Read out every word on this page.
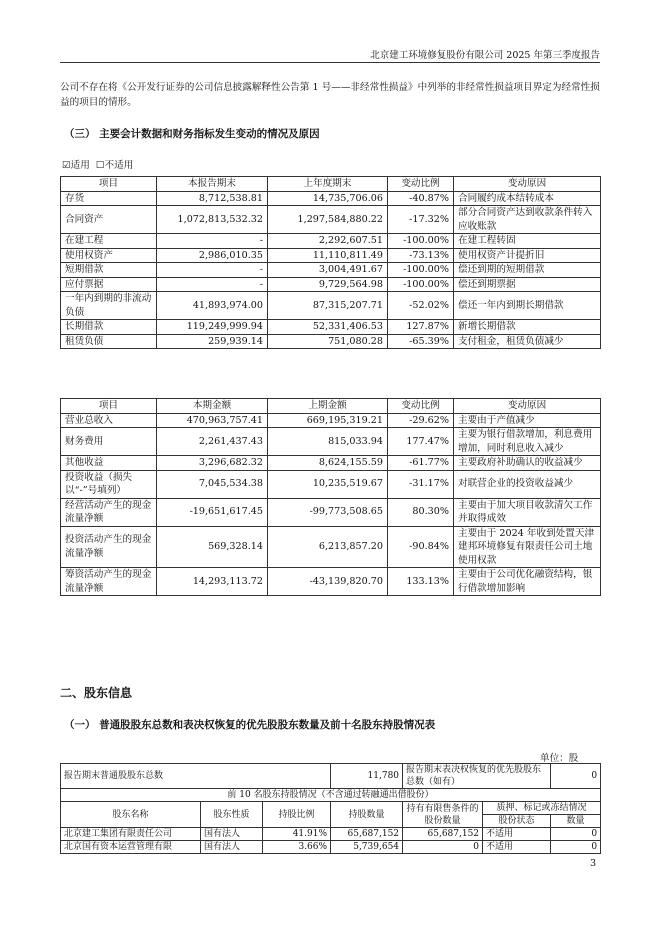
北京建工环境修复股份有限公司 2025 年第三季度报告
公司不存在将《公开发行证券的公司信息披露解释性公告第 1 号——非经常性损益》中列举的非经常性损益项目界定为经常性损益的项目的情形。
（三） 主要会计数据和财务指标发生变动的情况及原因
☑适用 ☐不适用
项目	本报告期末	上年度期末	变动比例	变动原因
存货	8,712,538.81	14,735,706.06	-40.87%	合同履约成本结转成本
合同资产	1,072,813,532.32	1,297,584,880.22	-17.32%	部分合同资产达到收款条件转入应收账款
在建工程	-	2,292,607.51	-100.00%	在建工程转固
使用权资产	2,986,010.35	11,110,811.49	-73.13%	使用权资产计提折旧
短期借款	-	3,004,491.67	-100.00%	偿还到期的短期借款
应付票据	-	9,729,564.98	-100.00%	偿还到期票据
一年内到期的非流动负债	41,893,974.00	87,315,207.71	-52.02%	偿还一年内到期长期借款
长期借款	119,249,999.94	52,331,406.53	127.87%	新增长期借款
租赁负债	259,939.14	751,080.28	-65.39%	支付租金，租赁负债减少
项目	本期金额	上期金额	变动比例	变动原因
营业总收入	470,963,757.41	669,195,319.21	-29.62%	主要由于产值减少
财务费用	2,261,437.43	815,033.94	177.47%	主要为银行借款增加，利息费用增加，同时利息收入减少
其他收益	3,296,682.32	8,624,155.59	-61.77%	主要政府补助确认的收益减少
投资收益（损失以“-”号填列）	7,045,534.38	10,235,519.67	-31.17%	对联营企业的投资收益减少
经营活动产生的现金流量净额	-19,651,617.45	-99,773,508.65	80.30%	主要由于加大项目收款清欠工作并取得成效
投资活动产生的现金流量净额	569,328.14	6,213,857.20	-90.84%	主要由于 2024 年收到处置天津建邦环境修复有限责任公司土地使用权款
筹资活动产生的现金流量净额	14,293,113.72	-43,139,820.70	133.13%	主要由于公司优化融资结构，银行借款增加影响
二、股东信息
（一） 普通股股东总数和表决权恢复的优先股股东数量及前十名股东持股情况表
单位：股
报告期末普通股股东总数			11,780	报告期末表决权恢复的优先股股东总数（如有）		0
前 10 名股东持股情况（不含通过转融通出借股份）						
股东名称	股东性质	持股比例	持股数量	持有有限售条件的股份数量	质押、标记或冻结情况	
					股份状态	数量
北京建工集团有限责任公司	国有法人	41.91%	65,687,152	65,687,152	不适用	0
北京国有资本运营管理有限	国有法人	3.66%	5,739,654	0	不适用	0
3
